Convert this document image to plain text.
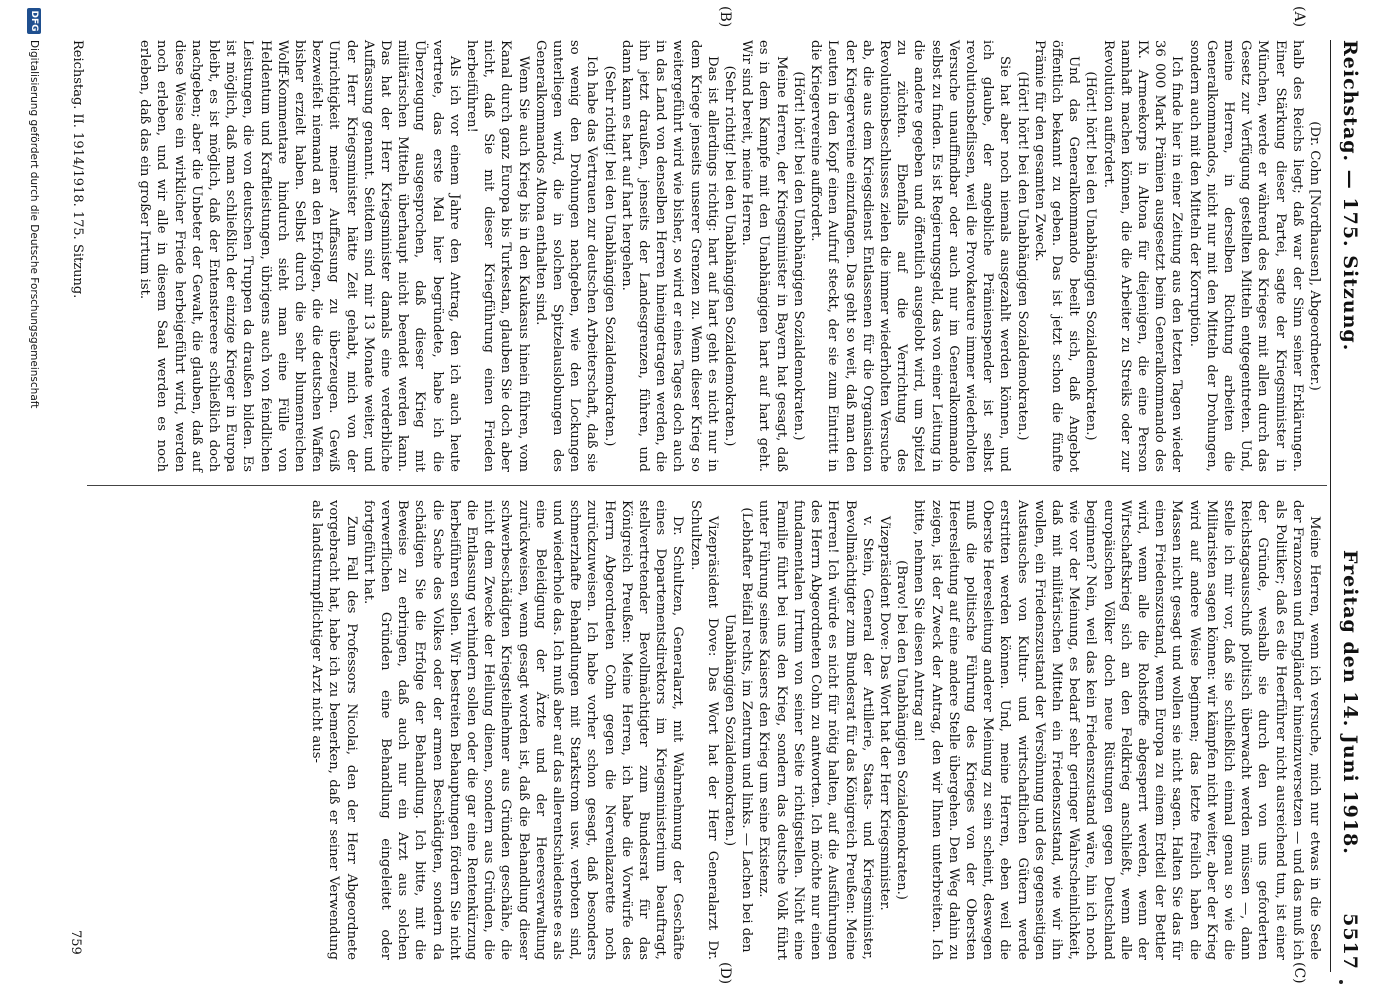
Reichstag. — 175. Sitzung.
Freitag den 14. Juni 1918.
5517
(A)
(B)
(C)
(D)

(Dr. Cohn [Nordhausen], Abgeordneter.)

halb des Reichs liegt; daß war der Sinn seiner Erklärungen. Einer Stärkung dieser Partei, sagte der Kriegsminister in München, werde er während des Krieges mit allen durch das Gesetz zur Verfügung gestellten Mitteln entgegentreten. Und, meine Herren, in derselben Richtung arbeiten die Generalkommandos, nicht nur mit den Mitteln der Drohungen, sondern auch mit den Mitteln der Korruption.

Ich finde hier in einer Zeitung aus den letzten Tagen wieder 36 000 Mark Prämien ausgesetzt beim Generalkommando des IX. Armeekorps in Altona für diejenigen, die eine Person namhaft machen können, die die Arbeiter zu Streiks oder zur Revolution auffordert.

(Hört! hört! bei den Unabhängigen Sozialdemokraten.)

Und das Generalkommando beeilt sich, daß Angebot öffentlich bekannt zu geben. Das ist jetzt schon die fünfte Prämie für den gesamten Zweck.

(Hört! hört! bei den Unabhängigen Sozialdemokraten.)

Sie hat aber noch niemals ausgezahlt werden können, und ich glaube, der angebliche Prämienspender ist selbst revolutionsbeflissen, weil die Provokateure immer wiederholten Versuche unauffindbar oder auch nur im Generalkommando selbst zu finden. Es ist Regierungsgeld, das von einer Leitung in die andere gegeben und öffentlich ausgelobt wird, um Spitzel zu züchten. Ebenfalls auf die Verrichtung des Revolutionsbeschlusses zielen die immer wiederholten Versuche ab, die aus dem Kriegsdienst Entlassenen für die Organisation der Kriegervereine einzufangen. Das geht so weit, daß man den Leuten in den Kopf einen Aufruf steckt, der sie zum Eintritt in die Kriegervereine auffordert.

(Hört! hört! bei den Unabhängigen Sozialdemokraten.)

Meine Herren, der Kriegsminister in Bayern hat gesagt, daß es in dem Kampfe mit den Unabhängigen hart auf hart geht. Wir sind bereit, meine Herren.

(Sehr richtig! bei den Unabhängigen Sozialdemokraten.)

Das ist allerdings richtig: hart auf hart geht es nicht nur in dem Kriege jenseits unserer Grenzen zu. Wenn dieser Krieg so weitergeführt wird wie bisher, so wird er eines Tages doch auch in das Land von denselben Herren hineingetragen werden, die ihn jetzt draußen, jenseits der Landesgrenzen, führen, und dann kann es hart auf hart hergehen.

(Sehr richtig! bei den Unabhängigen Sozialdemokraten.)

Ich habe das Vertrauen zur deutschen Arbeiterschaft, daß sie so wenig den Drohungen nachgeben, wie den Lockungen unterliegen wird, die in solchen Spitzelauslobungen des Generalkommandos Altona enthalten sind.

Wenn Sie auch Krieg bis in den Kaukasus hinein führen, vom Kanal durch ganz Europa bis Turkestan, glauben Sie doch aber nicht, daß Sie mit dieser Kriegführung einen Frieden herbeiführen!

Als ich vor einem Jahre den Antrag, den ich auch heute vertrete, das erste Mal hier begründete, habe ich die Überzeugung ausgesprochen, daß dieser Krieg mit militärischen Mitteln überhaupt nicht beendet werden kann. Das hat der Herr Kriegsminister damals eine verderbliche Auffassung genannt. Seitdem sind mir 13 Monate weiter, und der Herr Kriegsminister hätte Zeit gehabt, mich von der Unrichtigkeit meiner Auffassung zu überzeugen. Gewiß bezweifelt niemand an den Erfolgen, die die deutschen Waffen bisher erzielt haben. Selbst durch die sehr blumenreichen Wolff-Kommentare hindurch sieht man eine Fülle von Heldentum und Kraftleistungen, übrigens auch von feindlichen Leistungen, die von deutschen Truppen da draußen bilden. Es ist möglich, daß man schließlich der einzige Krieger in Europa bleibt, es ist möglich, daß der Entenstereere schließlich doch nachgeben; aber die Unbeter der Gewalt, die glauben, daß auf diese Weise ein wirklicher Friede herbeigeführt wird, werden noch erleben, und wir alle in diesem Saal werden es noch erleben, daß das ein großer Irrtum ist.

Meine Herren, wenn ich versuche, mich nur etwas in die Seele der Franzosen und Engländer hineinzuversetzen — und das muß ich als Politiker; daß es die Heerführer nicht ausreichend tun, ist einer der Gründe, weshalb sie durch den von uns geforderten Reichstagsausschuß politisch überwacht werden müssen —, dann stelle ich mir vor, daß sie schließlich einmal genau so wie die Militaristen sagen können: wir kämpfen nicht weiter, aber der Krieg wird auf andere Weise beginnen; das letzte freilich haben die Massen nicht gesagt und wollen sie nicht sagen. Halten Sie das für einen Friedenszustand, wenn Europa zu einem Erdteil der Bettler wird, wenn alle die Rohstoffe abgesperrt werden, wenn der Wirtschaftskrieg sich an den Feldkrieg anschließt, wenn alle europäischen Völker doch neue Rüstungen gegen Deutschland beginnen? Nein, weil das kein Friedenszustand wäre, hin ich noch wie vor der Meinung, es bedarf sehr geringer Wahrscheinlichkeit, daß mit militärischen Mitteln ein Friedenszustand, wie wir ihn wollen, ein Friedenszustand der Versöhnung und des gegenseitigen Austausches von Kultur- und wirtschaftlichen Gütern werde erstritten werden können. Und, meine Herren, eben weil die Oberste Heeresleitung anderer Meinung zu sein scheint, deswegen muß die politische Führung des Krieges von der Obersten Heeresleitung auf eine andere Stelle übergehen. Den Weg dahin zu zeigen, ist der Zweck der Antrag, den wir Ihnen unterbreiten. Ich bitte, nehmen Sie diesen Antrag an!

(Bravo! bei den Unabhängigen Sozialdemokraten.)

Vizepräsident Dove: Das Wort hat der Herr Kriegsminister.

v. Stein, General der Artillerie, Staats- und Kriegsminister, Bevollmächtigter zum Bundesrat für das Königreich Preußen: Meine Herren! Ich würde es nicht für nötig halten, auf die Ausführungen des Herrn Abgeordneten Cohn zu antworten. Ich möchte nur einen fundamentalen Irrtum von seiner Seite richtigstellen. Nicht eine Familie führt bei uns den Krieg, sondern das deutsche Volk führt unter Führung seines Kaisers den Krieg um seine Existenz.

(Lebhafter Beifall rechts, im Zentrum und links. — Lachen bei den Unabhängigen Sozialdemokraten.)

Vizepräsident Dove: Das Wort hat der Herr Generalarzt Dr. Schultzen.

Dr. Schultzen, Generalarzt, mit Wahrnehmung der Geschäfte eines Departementsdirektors im Kriegsministerium beauftragt, stellvertretender Bevollmächtigter zum Bundesrat für das Königreich Preußen: Meine Herren, ich habe die Vorwürfe des Herrn Abgeordneten Cohn gegen die Nervenlazarette noch zurückzuweisen. Ich habe vorher schon gesagt, daß besonders schmerzhafte Behandlungen mit Starkstrom usw. verboten sind, und wiederhole das. Ich muß aber auf das allerentschiedenste es als eine Beleidigung der Ärzte und der Heeresverwaltung zurückweisen, wenn gesagt worden ist, daß die Behandlung dieser schwerbeschädigten Kriegsteilnehmer aus Gründen geschähe, die nicht dem Zwecke der Heilung dienen, sondern aus Gründen, die die Entlassung verhindern sollen oder die gar eine Rentenkürzung herbeiführen sollen. Wir bestreiten Behauptungen fördern Sie nicht die Sache des Volkes oder der armen Beschädigten, sondern da schädigen Sie die Erfolge der Behandlung. Ich bitte, mit die Beweise zu erbringen, daß auch nur ein Arzt aus solchen verwerflichen Gründen eine Behandlung eingeleitet oder fortgeführt hat.

Zum Fall des Professors Nicolai, den der Herr Abgeordnete vorgebracht hat, habe ich zu bemerken, daß er seiner Verwendung als landsturmpflichtiger Arzt nicht aus-

Reichstag. II. 1914/1918. 175. Sitzung.
759
DFG
Digitalisierung gefördert durch die Deutsche Forschungsgemeinschaft
